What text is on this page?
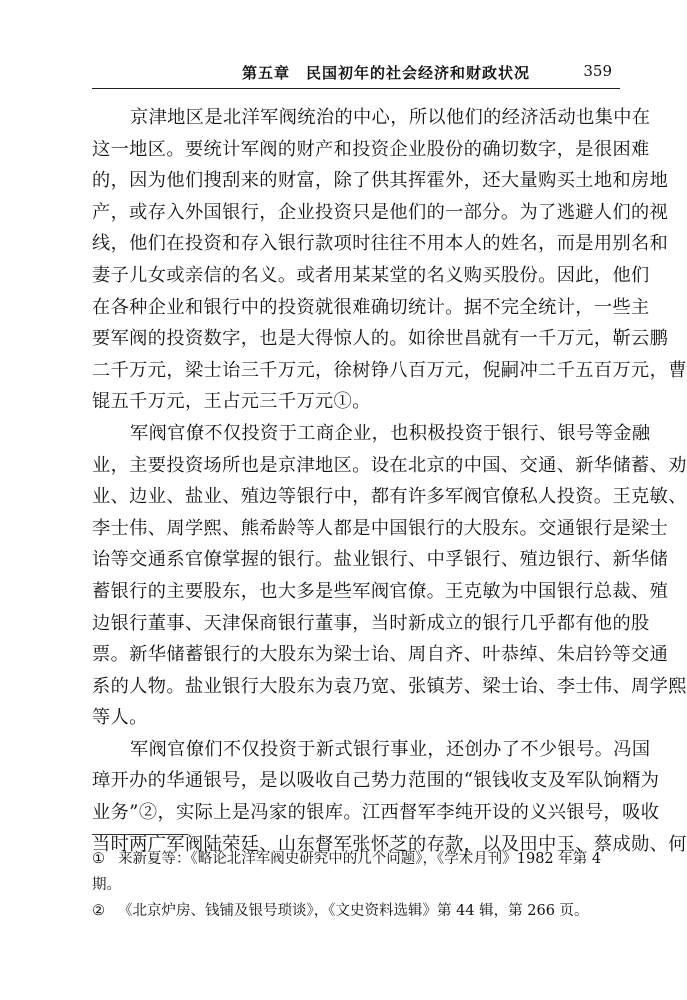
第五章　民国初年的社会经济和财政状况	359
京津地区是北洋军阀统治的中心，所以他们的经济活动也集中在
这一地区。要统计军阀的财产和投资企业股份的确切数字，是很困难
的，因为他们搜刮来的财富，除了供其挥霍外，还大量购买土地和房地
产，或存入外国银行，企业投资只是他们的一部分。为了逃避人们的视
线，他们在投资和存入银行款项时往往不用本人的姓名，而是用别名和
妻子儿女或亲信的名义。或者用某某堂的名义购买股份。因此，他们
在各种企业和银行中的投资就很难确切统计。据不完全统计，一些主
要军阀的投资数字，也是大得惊人的。如徐世昌就有一千万元，靳云鹏
二千万元，梁士诒三千万元，徐树铮八百万元，倪嗣冲二千五百万元，曹
锟五千万元，王占元三千万元①。
军阀官僚不仅投资于工商企业，也积极投资于银行、银号等金融
业，主要投资场所也是京津地区。设在北京的中国、交通、新华储蓄、劝
业、边业、盐业、殖边等银行中，都有许多军阀官僚私人投资。王克敏、
李士伟、周学熙、熊希龄等人都是中国银行的大股东。交通银行是梁士
诒等交通系官僚掌握的银行。盐业银行、中孚银行、殖边银行、新华储
蓄银行的主要股东，也大多是些军阀官僚。王克敏为中国银行总裁、殖
边银行董事、天津保商银行董事，当时新成立的银行几乎都有他的股
票。新华储蓄银行的大股东为梁士诒、周自齐、叶恭绰、朱启钤等交通
系的人物。盐业银行大股东为袁乃宽、张镇芳、梁士诒、李士伟、周学熙
等人。
军阀官僚们不仅投资于新式银行事业，还创办了不少银号。冯国
璋开办的华通银号，是以吸收自己势力范围的“银钱收支及军队饷糈为
业务”②，实际上是冯家的银库。江西督军李纯开设的义兴银号，吸收
当时两广军阀陆荣廷、山东督军张怀芝的存款，以及田中玉、蔡成勋、何
① 来新夏等：《略论北洋军阀史研究中的几个问题》，《学术月刊》1982 年第 4
期。
② 《北京炉房、钱铺及银号琐谈》，《文史资料选辑》第 44 辑，第 266 页。
